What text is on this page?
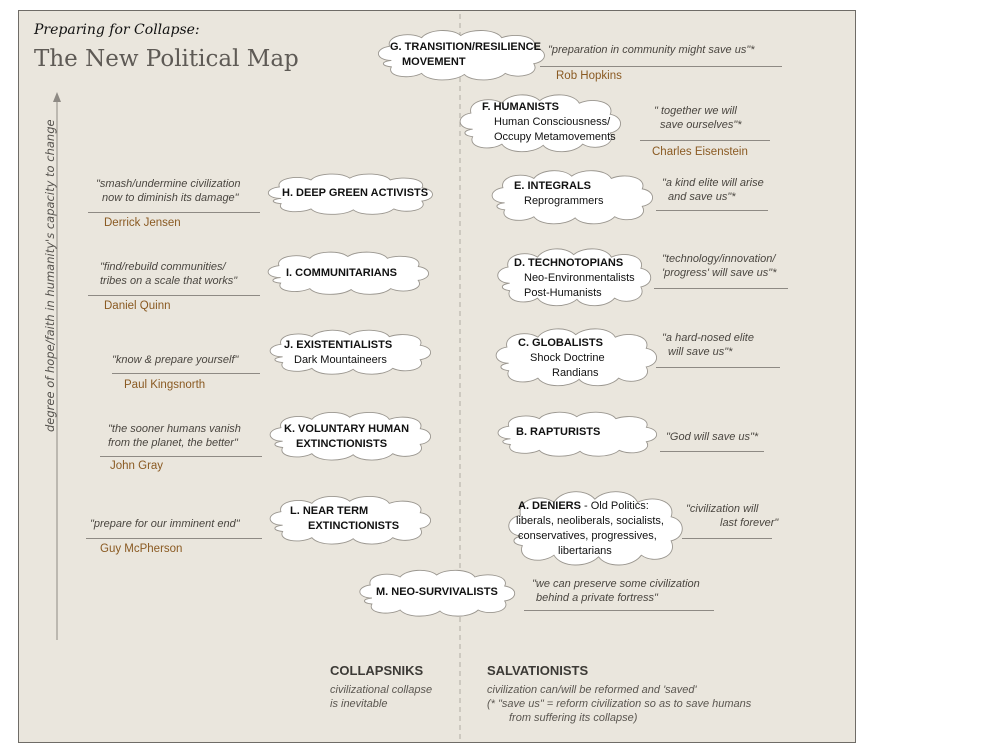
Preparing for Collapse:
The New Political Map
degree of hope/faith in humanity's capacity to change	H. DEEP GREEN ACTIVISTS
"smash/undermine civilization
now to diminish its damage"
Derrick Jensen
I. COMMUNITARIANS
"find/rebuild communities/
tribes on a scale that works"
Daniel Quinn
J. EXISTENTIALISTS
Dark Mountaineers
"know & prepare yourself"
Paul Kingsnorth
K. VOLUNTARY HUMAN
EXTINCTIONISTS
"the sooner humans vanish
from the planet, the better"
John Gray
L. NEAR TERM
EXTINCTIONISTS
"prepare for our imminent end"
Guy McPherson
G. TRANSITION/RESILIENCE
MOVEMENT
"preparation in community might save us"*
Rob Hopkins
F. HUMANISTS
Human Consciousness/
Occupy Metamovements
" together we will
save ourselves"*
Charles Eisenstein
E. INTEGRALS
Reprogrammers
"a kind elite will arise
and save us"*
D. TECHNOTOPIANS
Neo-Environmentalists
Post-Humanists
"technology/innovation/
'progress' will save us"*
C. GLOBALISTS
Shock Doctrine
Randians
"a hard-nosed elite
will save us"*
B. RAPTURISTS	"God will save us"*
A. DENIERS - Old Politics:
liberals, neoliberals, socialists,
conservatives, progressives,
libertarians
"civilization will
last forever"
M. NEO-SURVIVALISTS
"we can preserve some civilization
behind a private fortress"
COLLAPSNIKS
civilizational collapse
is inevitable
SALVATIONISTS
civilization can/will be reformed and 'saved'
(* "save us" = reform civilization so as to save humans
from suffering its collapse)
